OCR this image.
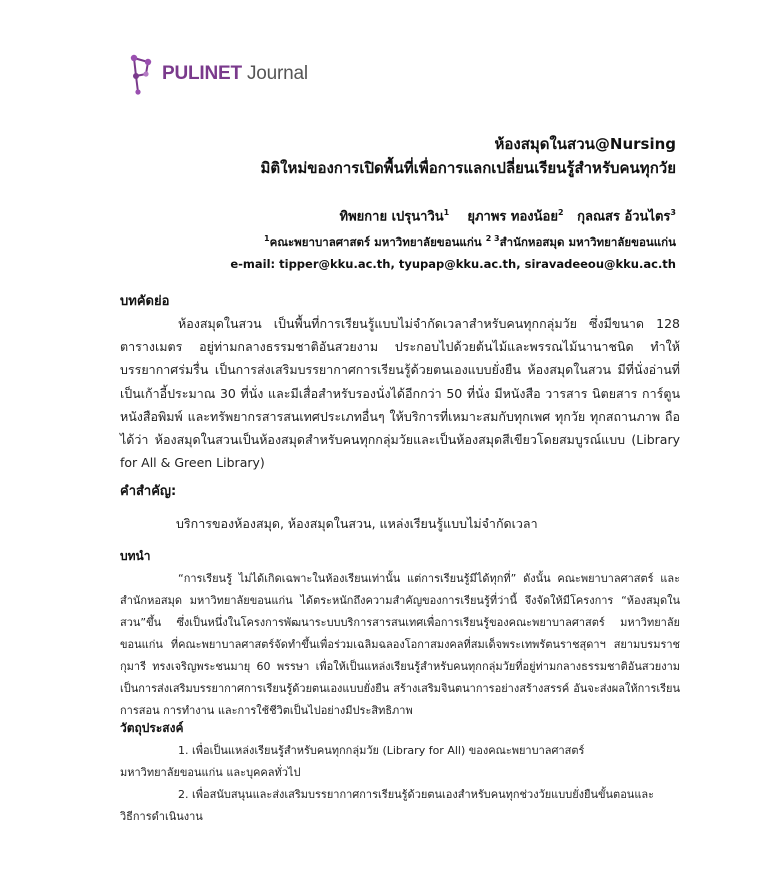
PULINET Journal
ห้องสมุดในสวน@Nursing
มิติใหม่ของการเปิดพื้นที่เพื่อการแลกเปลี่ยนเรียนรู้สำหรับคนทุกวัย
ทิพยกาย เปรุนาวิน$^1$ ยุภาพร ทองน้อย$^2$ กุลณสร อ้วนไตร$^3$
$^1$คณะพยาบาลศาสตร์ มหาวิทยาลัยขอนแก่น $^{2 3}$สำนักหอสมุด มหาวิทยาลัยขอนแก่น
e-mail: tipper@kku.ac.th, tyupap@kku.ac.th, siravadeeou@kku.ac.th
บทคัดย่อ
ห้องสมุดในสวน เป็นพื้นที่การเรียนรู้แบบไม่จำกัดเวลาสำหรับคนทุกกลุ่มวัย ซึ่งมีขนาด 128 ตารางเมตร อยู่ท่ามกลางธรรมชาติอันสวยงาม ประกอบไปด้วยต้นไม้และพรรณไม้นานาชนิด ทำให้บรรยากาศร่มรื่น เป็นการส่งเสริมบรรยากาศการเรียนรู้ด้วยตนเองแบบยั่งยืน ห้องสมุดในสวน มีที่นั่งอ่านที่เป็นเก้าอี้ประมาณ 30 ที่นั่ง และมีเสื่อสำหรับรองนั่งได้อีกกว่า 50 ที่นั่ง มีหนังสือ วารสาร นิตยสาร การ์ตูน หนังสือพิมพ์ และทรัพยากรสารสนเทศประเภทอื่นๆ ให้บริการที่เหมาะสมกับทุกเพศ ทุกวัย ทุกสถานภาพ ถือได้ว่า ห้องสมุดในสวนเป็นห้องสมุดสำหรับคนทุกกลุ่มวัยและเป็นห้องสมุดสีเขียวโดยสมบูรณ์แบบ (Library for All & Green Library)
คำสำคัญ:
บริการของห้องสมุด, ห้องสมุดในสวน, แหล่งเรียนรู้แบบไม่จำกัดเวลา
บทนำ
“การเรียนรู้ ไม่ได้เกิดเฉพาะในห้องเรียนเท่านั้น แต่การเรียนรู้มีได้ทุกที่” ดังนั้น คณะพยาบาลศาสตร์ และสำนักหอสมุด มหาวิทยาลัยขอนแก่น ได้ตระหนักถึงความสำคัญของการเรียนรู้ที่ว่านี้ จึงจัดให้มีโครงการ “ห้องสมุดในสวน”ขึ้น ซึ่งเป็นหนึ่งในโครงการพัฒนาระบบบริการสารสนเทศเพื่อการเรียนรู้ของคณะพยาบาลศาสตร์ มหาวิทยาลัยขอนแก่น ที่คณะพยาบาลศาสตร์จัดทำขึ้นเพื่อร่วมเฉลิมฉลองโอกาสมงคลที่สมเด็จพระเทพรัตนราชสุดาฯ สยามบรมราชกุมารี ทรงเจริญพระชนมายุ 60 พรรษา เพื่อให้เป็นแหล่งเรียนรู้สำหรับคนทุกกลุ่มวัยที่อยู่ท่ามกลางธรรมชาติอันสวยงาม เป็นการส่งเสริมบรรยากาศการเรียนรู้ด้วยตนเองแบบยั่งยืน สร้างเสริมจินตนาการอย่างสร้างสรรค์ อันจะส่งผลให้การเรียนการสอน การทำงาน และการใช้ชีวิตเป็นไปอย่างมีประสิทธิภาพ
วัตถุประสงค์
1. เพื่อเป็นแหล่งเรียนรู้สำหรับคนทุกกลุ่มวัย (Library for All) ของคณะพยาบาลศาสตร์
มหาวิทยาลัยขอนแก่น และบุคคลทั่วไป
2. เพื่อสนับสนุนและส่งเสริมบรรยากาศการเรียนรู้ด้วยตนเองสำหรับคนทุกช่วงวัยแบบยั่งยืนขั้นตอนและ
วิธีการดำเนินงาน
